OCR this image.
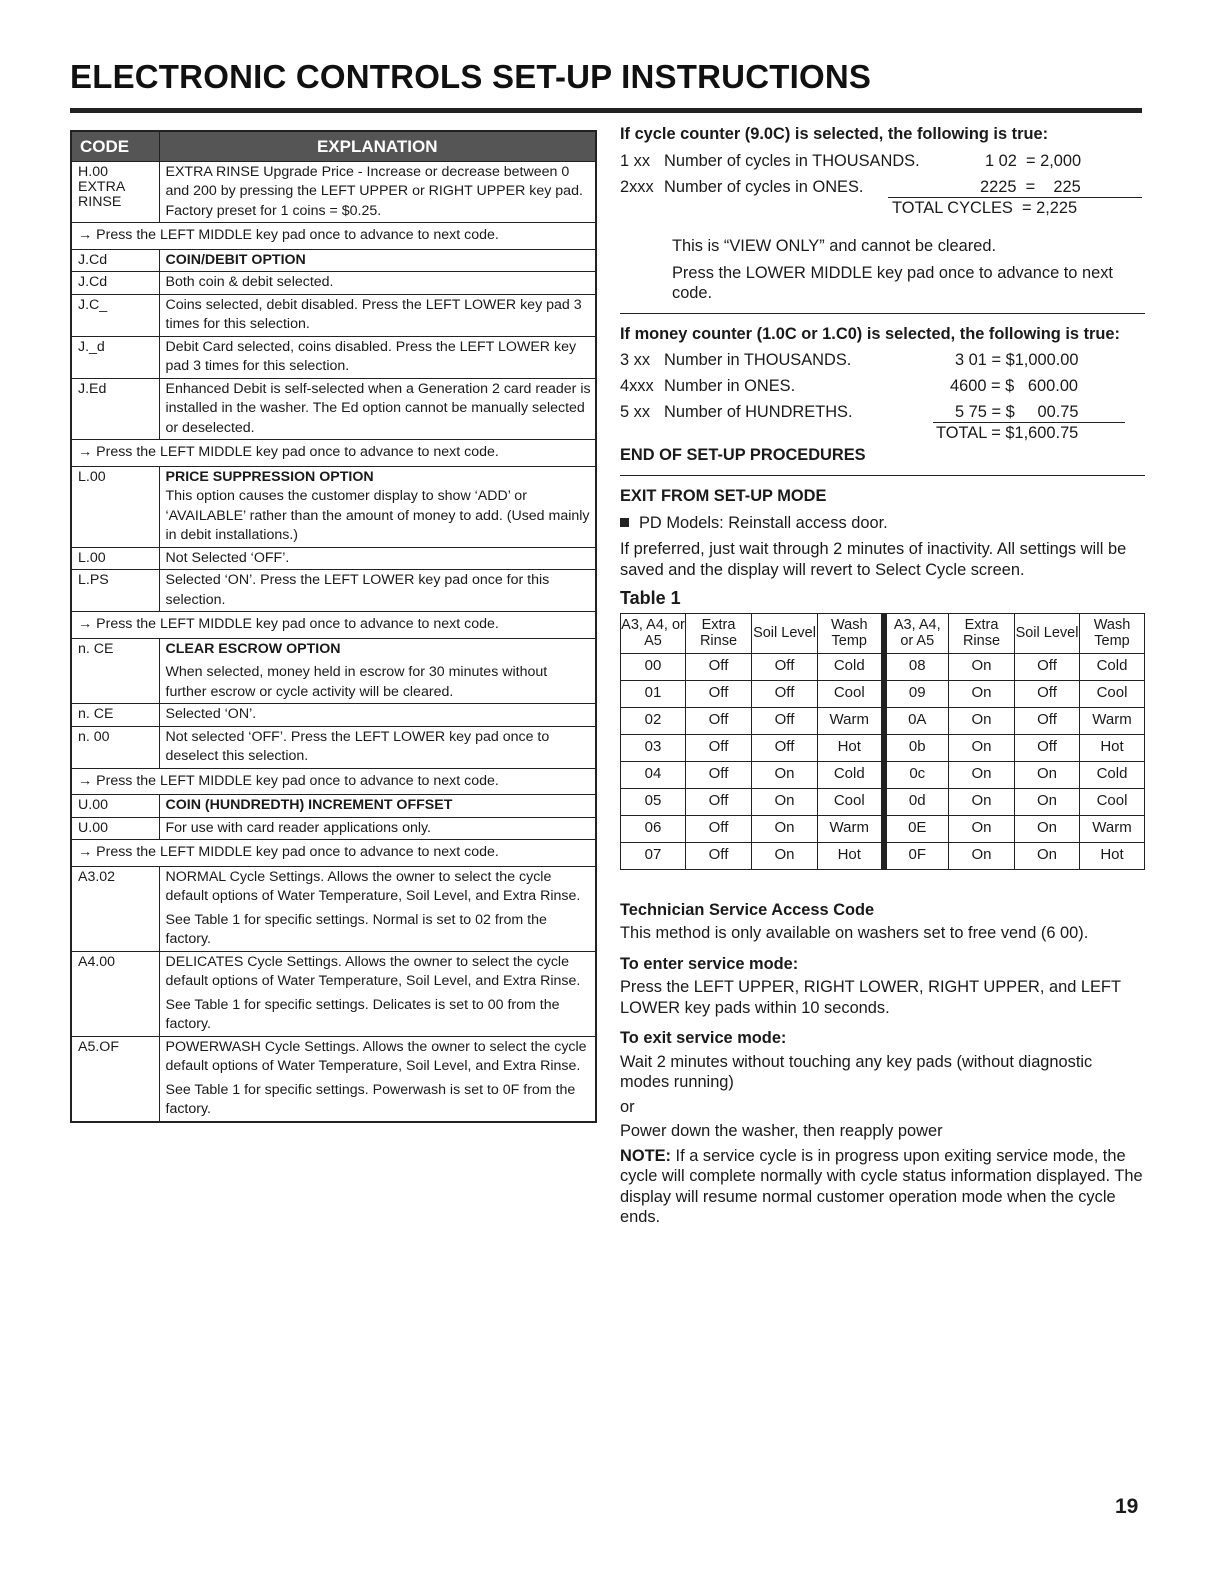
ELECTRONIC CONTROLS SET-UP INSTRUCTIONS
CODE	EXPLANATION

H.00
EXTRA
RINSE	EXTRA RINSE Upgrade Price - Increase or decrease between 0 and 200 by pressing the LEFT UPPER or RIGHT UPPER key pad. Factory preset for 1 coins = $0.25.
→ Press the LEFT MIDDLE key pad once to advance to next code.	
J.Cd	COIN/DEBIT OPTION
J.Cd	Both coin & debit selected.
J.C_	Coins selected, debit disabled. Press the LEFT LOWER key pad 3 times for this selection.
J._d	Debit Card selected, coins disabled. Press the LEFT LOWER key pad 3 times for this selection.
J.Ed	Enhanced Debit is self-selected when a Generation 2 card reader is installed in the washer. The Ed option cannot be manually selected or deselected.
→ Press the LEFT MIDDLE key pad once to advance to next code.	
L.00	PRICE SUPPRESSION OPTION
This option causes the customer display to show ‘ADD’ or ‘AVAILABLE’ rather than the amount of money to add. (Used mainly in debit installations.)

L.00	Not Selected ‘OFF’.
L.PS	Selected ‘ON’. Press the LEFT LOWER key pad once for this selection.
→ Press the LEFT MIDDLE key pad once to advance to next code.	
n. CE	CLEAR ESCROW OPTION
When selected, money held in escrow for 30 minutes without further escrow or cycle activity will be cleared.

n. CE	Selected ‘ON’.
n. 00	Not selected ‘OFF’. Press the LEFT LOWER key pad once to deselect this selection.
→ Press the LEFT MIDDLE key pad once to advance to next code.	
U.00	COIN (HUNDREDTH) INCREMENT OFFSET
U.00	For use with card reader applications only.
→ Press the LEFT MIDDLE key pad once to advance to next code.	
A3.02	NORMAL Cycle Settings. Allows the owner to select the cycle default options of Water Temperature, Soil Level, and Extra Rinse.
See Table 1 for specific settings. Normal is set to 02 from the factory.

A4.00	DELICATES Cycle Settings. Allows the owner to select the cycle default options of Water Temperature, Soil Level, and Extra Rinse.
See Table 1 for specific settings. Delicates is set to 00 from the factory.

A5.OF	POWERWASH Cycle Settings. Allows the owner to select the cycle default options of Water Temperature, Soil Level, and Extra Rinse.
See Table 1 for specific settings. Powerwash is set to 0F from the factory.
If cycle counter (9.0C) is selected, the following is true:
1 xx Number of cycles in THOUSANDS.	1 02  = 2,000
2xxx Number of cycles in ONES.	2225  =    225
TOTAL CYCLES  = 2,225
This is “VIEW ONLY” and cannot be cleared.
Press the LOWER MIDDLE key pad once to advance to next code.
If money counter (1.0C or 1.C0) is selected, the following is true:
3 xx Number in THOUSANDS.	3 01 = $1,000.00
4xxx Number in ONES.	4600 = $   600.00
5 xx Number of HUNDRETHS.	5 75 = $     00.75
TOTAL = $1,600.75
END OF SET-UP PROCEDURES
EXIT FROM SET-UP MODE
PD Models: Reinstall access door.
If preferred, just wait through 2 minutes of inactivity. All settings will be saved and the display will revert to Select Cycle screen.
Table 1
A3, A4, or A5	Extra Rinse	Soil Level	Wash Temp	A3, A4, or A5	Extra Rinse	Soil Level	Wash Temp
00	Off	Off	Cold	08	On	Off	Cold
01	Off	Off	Cool	09	On	Off	Cool
02	Off	Off	Warm	0A	On	Off	Warm
03	Off	Off	Hot	0b	On	Off	Hot
04	Off	On	Cold	0c	On	On	Cold
05	Off	On	Cool	0d	On	On	Cool
06	Off	On	Warm	0E	On	On	Warm
07	Off	On	Hot	0F	On	On	Hot
Technician Service Access Code
This method is only available on washers set to free vend (6 00).
To enter service mode:
Press the LEFT UPPER, RIGHT LOWER, RIGHT UPPER, and LEFT LOWER key pads within 10 seconds.
To exit service mode:
Wait 2 minutes without touching any key pads (without diagnostic modes running)
or
Power down the washer, then reapply power
NOTE: If a service cycle is in progress upon exiting service mode, the cycle will complete normally with cycle status information displayed. The display will resume normal customer operation mode when the cycle ends.
19
